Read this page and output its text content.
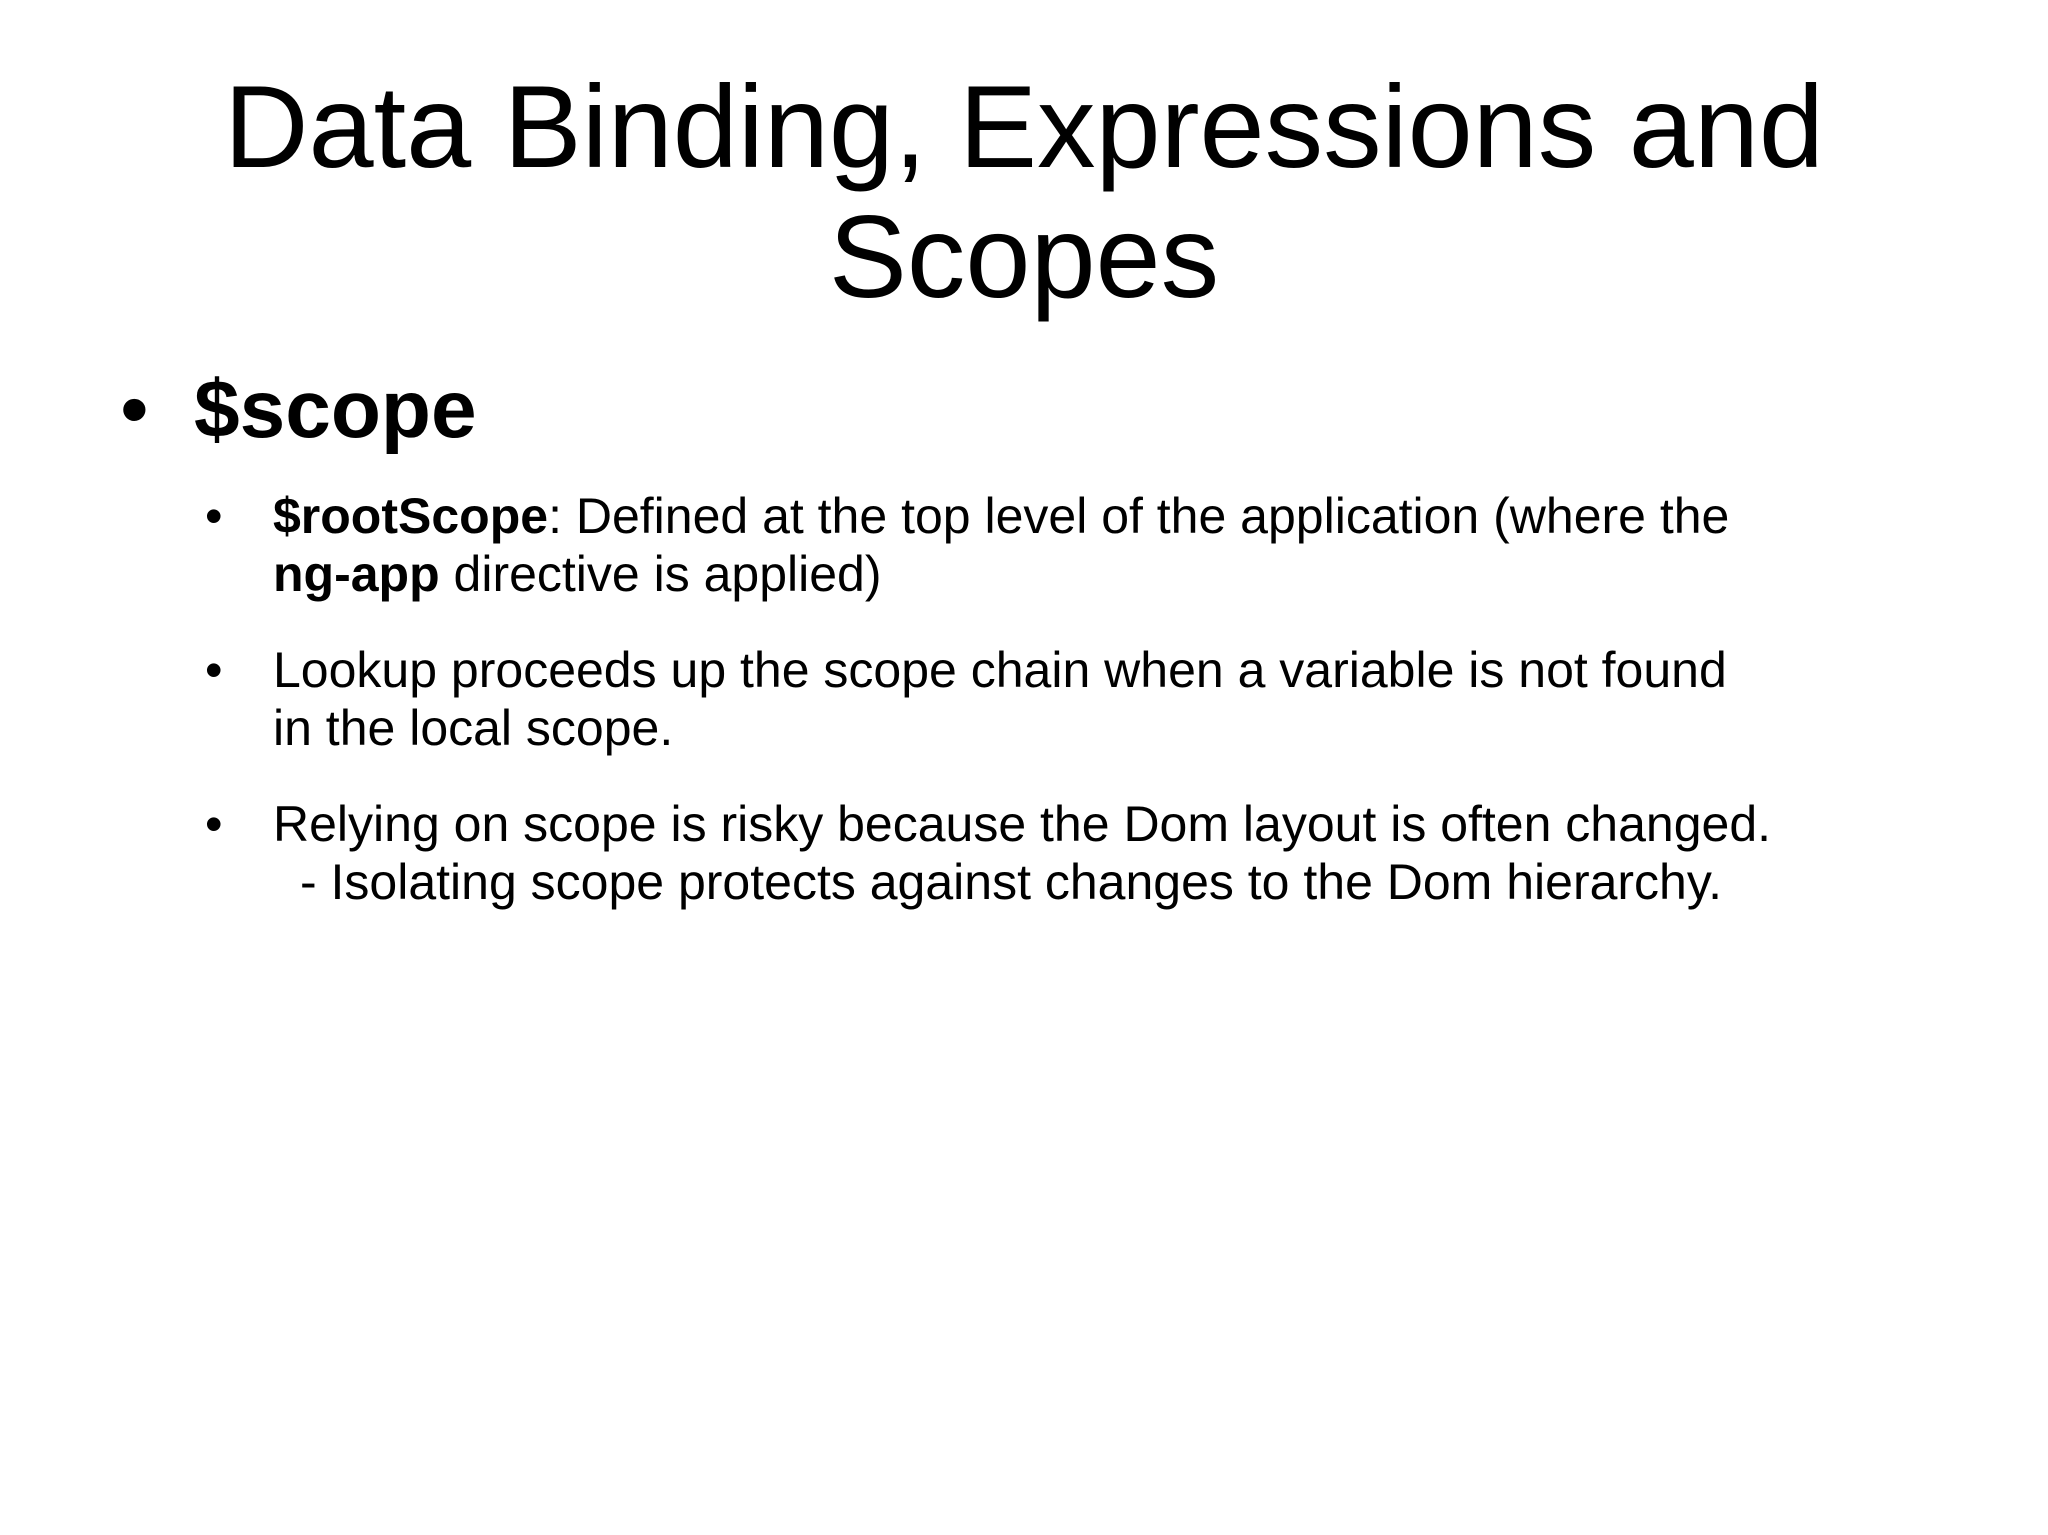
Data Binding, Expressions and
Scopes
• $scope
• $rootScope: Defined at the top level of the application (where the
ng-app directive is applied)
• Lookup proceeds up the scope chain when a variable is not found
in the local scope.
• Relying on scope is risky because the Dom layout is often changed.
- Isolating scope protects against changes to the Dom hierarchy.
